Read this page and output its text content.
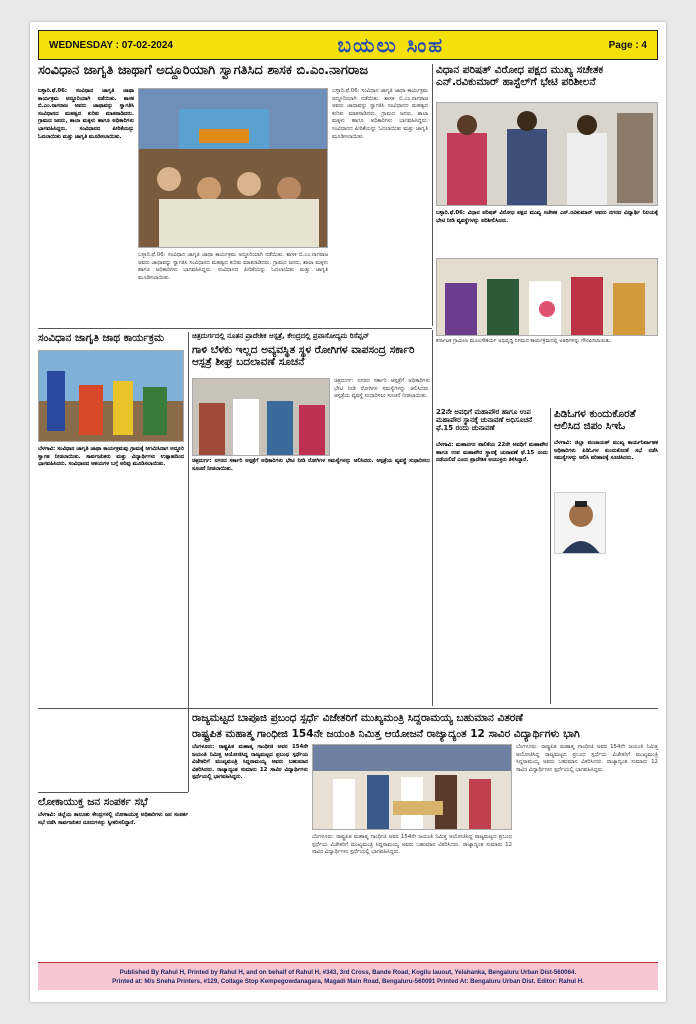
WEDNESDAY : 07-02-2024	ಬಯಲು ಸಿಂಹ	Page : 4
ಸಂವಿಧಾನ ಜಾಗೃತಿ ಜಾಥಾಗೆ ಅದ್ದೂರಿಯಾಗಿ ಸ್ವಾಗತಿಸಿದ ಶಾಸಕ ಬಿ.ಎಂ.ನಾಗರಾಜ
ಬಳ್ಳಾರಿ.ಫೆ.06: ಸಂವಿಧಾನ ಜಾಗೃತಿ ಜಾಥಾ ಕಾರ್ಯಕ್ರಮ ಅದ್ದೂರಿಯಾಗಿ ನಡೆಯಿತು. ಶಾಸಕ ಬಿ.ಎಂ.ನಾಗರಾಜ ಅವರು ಜಾಥಾವನ್ನು ಸ್ವಾಗತಿಸಿ ಸಂವಿಧಾನದ ಮಹತ್ವದ ಕುರಿತು ಮಾತನಾಡಿದರು. ಗ್ರಾಮದ ಜನರು, ಶಾಲಾ ಮಕ್ಕಳು ಹಾಗೂ ಅಧಿಕಾರಿಗಳು ಭಾಗವಹಿಸಿದ್ದರು. ಸಂವಿಧಾನದ ಪೀಠಿಕೆಯನ್ನು ಓದಲಾಯಿತು ಮತ್ತು ಜಾಗೃತಿ ಮೂಡಿಸಲಾಯಿತು.
ಬಳ್ಳಾರಿ.ಫೆ.06: ಸಂವಿಧಾನ ಜಾಗೃತಿ ಜಾಥಾ ಕಾರ್ಯಕ್ರಮ ಅದ್ದೂರಿಯಾಗಿ ನಡೆಯಿತು. ಶಾಸಕ ಬಿ.ಎಂ.ನಾಗರಾಜ ಅವರು ಜಾಥಾವನ್ನು ಸ್ವಾಗತಿಸಿ ಸಂವಿಧಾನದ ಮಹತ್ವದ ಕುರಿತು ಮಾತನಾಡಿದರು. ಗ್ರಾಮದ ಜನರು, ಶಾಲಾ ಮಕ್ಕಳು ಹಾಗೂ ಅಧಿಕಾರಿಗಳು ಭಾಗವಹಿಸಿದ್ದರು. ಸಂವಿಧಾನದ ಪೀಠಿಕೆಯನ್ನು ಓದಲಾಯಿತು ಮತ್ತು ಜಾಗೃತಿ ಮೂಡಿಸಲಾಯಿತು.
ಬಳ್ಳಾರಿ.ಫೆ.06: ಸಂವಿಧಾನ ಜಾಗೃತಿ ಜಾಥಾ ಕಾರ್ಯಕ್ರಮ ಅದ್ದೂರಿಯಾಗಿ ನಡೆಯಿತು. ಶಾಸಕ ಬಿ.ಎಂ.ನಾಗರಾಜ ಅವರು ಜಾಥಾವನ್ನು ಸ್ವಾಗತಿಸಿ ಸಂವಿಧಾನದ ಮಹತ್ವದ ಕುರಿತು ಮಾತನಾಡಿದರು. ಗ್ರಾಮದ ಜನರು, ಶಾಲಾ ಮಕ್ಕಳು ಹಾಗೂ ಅಧಿಕಾರಿಗಳು ಭಾಗವಹಿಸಿದ್ದರು. ಸಂವಿಧಾನದ ಪೀಠಿಕೆಯನ್ನು ಓದಲಾಯಿತು ಮತ್ತು ಜಾಗೃತಿ ಮೂಡಿಸಲಾಯಿತು.
ವಿಧಾನ ಪರಿಷತ್ ವಿರೋಧ ಪಕ್ಷದ ಮುಖ್ಯ ಸಚೇತಕ ಎನ್.ರವಿಕುಮಾರ್ ಹಾಸ್ಟೆಲ್‌ಗೆ ಭೇಟಿ ಪರಿಶೀಲನೆ
ಬಳ್ಳಾರಿ.ಫೆ.06: ವಿಧಾನ ಪರಿಷತ್ ವಿರೋಧ ಪಕ್ಷದ ಮುಖ್ಯ ಸಚೇತಕ ಎನ್.ರವಿಕುಮಾರ್ ಅವರು ನಗರದ ವಿದ್ಯಾರ್ಥಿ ನಿಲಯಕ್ಕೆ ಭೇಟಿ ನೀಡಿ ವ್ಯವಸ್ಥೆಗಳನ್ನು ಪರಿಶೀಲಿಸಿದರು.
ಕರ್ನಾಟಕ ಗ್ರಾಮೀಣ ಮೂಲಸೌಕರ್ಯ ಅಭಿವೃದ್ಧಿ ನಿಗಮದ ಕಾರ್ಯಕ್ರಮದಲ್ಲಿ ಅತಿಥಿಗಳನ್ನು ಗೌರವಿಸಲಾಯಿತು.
ಸಂವಿಧಾನ ಜಾಗೃತಿ ಜಾಥ ಕಾರ್ಯಕ್ರಮ
ಬೆಳಗಾವಿ: ಸಂವಿಧಾನ ಜಾಗೃತಿ ಜಾಥಾ ಕಾರ್ಯಕ್ರಮವು ಗ್ರಾಮಕ್ಕೆ ಆಗಮಿಸಿದಾಗ ಅದ್ದೂರಿ ಸ್ವಾಗತ ನೀಡಲಾಯಿತು. ಸಾರ್ವಜನಿಕರು ಮತ್ತು ವಿದ್ಯಾರ್ಥಿಗಳು ಉತ್ಸಾಹದಿಂದ ಭಾಗವಹಿಸಿದರು. ಸಂವಿಧಾನದ ಆಶಯಗಳ ಬಗ್ಗೆ ಅರಿವು ಮೂಡಿಸಲಾಯಿತು.
ಚಿತ್ರದುರ್ಗದಲ್ಲಿ ನೂತನ ಪ್ರಾದೇಶಿಕ ಆಸ್ಪತ್ರೆ, ಕೇಂದ್ರದಲ್ಲಿ ಪ್ರವಾಸೋದ್ಯಮ ರಿಸೆಪ್ಷನ್
ಗಾಳಿ ಬೆಳಕು ಇಲ್ಲದ ಅವ್ಯವಸ್ಥಿತ ಸ್ಥಳ ರೋಗಿಗಳ ವಾಪಸಂದ್ರ ಸರ್ಕಾರಿ ಆಸ್ಪತ್ರೆ ಶೀಘ್ರ ಬದಲಾವಣೆ ಸೂಚನೆ
ಚಿತ್ರದುರ್ಗ: ನಗರದ ಸರ್ಕಾರಿ ಆಸ್ಪತ್ರೆಗೆ ಅಧಿಕಾರಿಗಳು ಭೇಟಿ ನೀಡಿ ರೋಗಿಗಳ ಸಮಸ್ಯೆಗಳನ್ನು ಆಲಿಸಿದರು. ಆಸ್ಪತ್ರೆಯ ವ್ಯವಸ್ಥೆ ಸುಧಾರಿಸಲು ಸೂಚನೆ ನೀಡಲಾಯಿತು.
ಚಿತ್ರದುರ್ಗ: ನಗರದ ಸರ್ಕಾರಿ ಆಸ್ಪತ್ರೆಗೆ ಅಧಿಕಾರಿಗಳು ಭೇಟಿ ನೀಡಿ ರೋಗಿಗಳ ಸಮಸ್ಯೆಗಳನ್ನು ಆಲಿಸಿದರು. ಆಸ್ಪತ್ರೆಯ ವ್ಯವಸ್ಥೆ ಸುಧಾರಿಸಲು ಸೂಚನೆ ನೀಡಲಾಯಿತು.
22ನೇ ಅವಧಿಗೆ ಮಹಾಪೌರ ಹಾಗೂ ಉಪ ಮಹಾಪೌರ ಸ್ಥಾನಕ್ಕೆ ಚುನಾವಣೆ ಅಧಿಸೂಚನೆ ಫೆ.15 ರಂದು ಚುನಾವಣೆ
ಬೆಳಗಾವಿ: ಮಹಾನಗರ ಪಾಲಿಕೆಯ 22ನೇ ಅವಧಿಗೆ ಮಹಾಪೌರ ಹಾಗೂ ಉಪ ಮಹಾಪೌರ ಸ್ಥಾನಕ್ಕೆ ಚುನಾವಣೆ ಫೆ.15 ರಂದು ನಡೆಯಲಿದೆ ಎಂದು ಪ್ರಾದೇಶಿಕ ಆಯುಕ್ತರು ತಿಳಿಸಿದ್ದಾರೆ.
ಪಿಡಿಓಗಳ ಕುಂದುಕೊರತೆ ಆಲಿಸಿದ ಜಿಪಂ ಸಿಇಓ
ಬೆಳಗಾವಿ: ಜಿಲ್ಲಾ ಪಂಚಾಯತ್ ಮುಖ್ಯ ಕಾರ್ಯನಿರ್ವಾಹಕ ಅಧಿಕಾರಿಗಳು ಪಿಡಿಓಗಳ ಕುಂದುಕೊರತೆ ಸಭೆ ನಡೆಸಿ ಸಮಸ್ಯೆಗಳನ್ನು ಆಲಿಸಿ ಪರಿಹಾರಕ್ಕೆ ಸೂಚಿಸಿದರು.
ರಾಜ್ಯಮಟ್ಟದ ಬಾಪೂಜಿ ಪ್ರಬಂಧ ಸ್ಪರ್ಧೆ ವಿಜೇತರಿಗೆ ಮುಖ್ಯಮಂತ್ರಿ ಸಿದ್ದರಾಮಯ್ಯ ಬಹುಮಾನ ವಿತರಣೆ
ರಾಷ್ಟ್ರಪಿತ ಮಹಾತ್ಮ ಗಾಂಧೀಜಿ 154ನೇ ಜಯಂತಿ ನಿಮಿತ್ತ ಆಯೋಜನೆ ರಾಜ್ಯಾದ್ಯಂತ 12 ಸಾವಿರ ವಿದ್ಯಾರ್ಥಿಗಳು ಭಾಗಿ
ಬೆಂಗಳೂರು: ರಾಷ್ಟ್ರಪಿತ ಮಹಾತ್ಮ ಗಾಂಧೀಜಿ ಅವರ 154ನೇ ಜಯಂತಿ ನಿಮಿತ್ತ ಆಯೋಜಿಸಿದ್ದ ರಾಜ್ಯಮಟ್ಟದ ಪ್ರಬಂಧ ಸ್ಪರ್ಧೆಯ ವಿಜೇತರಿಗೆ ಮುಖ್ಯಮಂತ್ರಿ ಸಿದ್ದರಾಮಯ್ಯ ಅವರು ಬಹುಮಾನ ವಿತರಿಸಿದರು. ರಾಜ್ಯಾದ್ಯಂತ ಸುಮಾರು 12 ಸಾವಿರ ವಿದ್ಯಾರ್ಥಿಗಳು ಸ್ಪರ್ಧೆಯಲ್ಲಿ ಭಾಗವಹಿಸಿದ್ದರು.
ಬೆಂಗಳೂರು: ರಾಷ್ಟ್ರಪಿತ ಮಹಾತ್ಮ ಗಾಂಧೀಜಿ ಅವರ 154ನೇ ಜಯಂತಿ ನಿಮಿತ್ತ ಆಯೋಜಿಸಿದ್ದ ರಾಜ್ಯಮಟ್ಟದ ಪ್ರಬಂಧ ಸ್ಪರ್ಧೆಯ ವಿಜೇತರಿಗೆ ಮುಖ್ಯಮಂತ್ರಿ ಸಿದ್ದರಾಮಯ್ಯ ಅವರು ಬಹುಮಾನ ವಿತರಿಸಿದರು. ರಾಜ್ಯಾದ್ಯಂತ ಸುಮಾರು 12 ಸಾವಿರ ವಿದ್ಯಾರ್ಥಿಗಳು ಸ್ಪರ್ಧೆಯಲ್ಲಿ ಭಾಗವಹಿಸಿದ್ದರು.
ಬೆಂಗಳೂರು: ರಾಷ್ಟ್ರಪಿತ ಮಹಾತ್ಮ ಗಾಂಧೀಜಿ ಅವರ 154ನೇ ಜಯಂತಿ ನಿಮಿತ್ತ ಆಯೋಜಿಸಿದ್ದ ರಾಜ್ಯಮಟ್ಟದ ಪ್ರಬಂಧ ಸ್ಪರ್ಧೆಯ ವಿಜೇತರಿಗೆ ಮುಖ್ಯಮಂತ್ರಿ ಸಿದ್ದರಾಮಯ್ಯ ಅವರು ಬಹುಮಾನ ವಿತರಿಸಿದರು. ರಾಜ್ಯಾದ್ಯಂತ ಸುಮಾರು 12 ಸಾವಿರ ವಿದ್ಯಾರ್ಥಿಗಳು ಸ್ಪರ್ಧೆಯಲ್ಲಿ ಭಾಗವಹಿಸಿದ್ದರು.
ಲೋಕಾಯುಕ್ತ ಜನ ಸಂಪರ್ಕ ಸಭೆ
ಬೆಳಗಾವಿ: ಜಿಲ್ಲೆಯ ತಾಲೂಕು ಕೇಂದ್ರಗಳಲ್ಲಿ ಲೋಕಾಯುಕ್ತ ಅಧಿಕಾರಿಗಳು ಜನ ಸಂಪರ್ಕ ಸಭೆ ನಡೆಸಿ ಸಾರ್ವಜನಿಕರ ದೂರುಗಳನ್ನು ಸ್ವೀಕರಿಸಲಿದ್ದಾರೆ.
Published By Rahul H, Printed by Rahul H, and on behalf of Rahul H, #343, 3rd Cross, Bande Road, Kogilu lauout, Yelahanka, Bengaluru Urban Dist-560064.
Printed at: M/s Sneha Printers, #129, Collage Stop Kempegowdanagara, Magadi Main Road, Bengaluru-560091 Printed At: Bengaluru Urban Dist. Editor: Rahul H.
